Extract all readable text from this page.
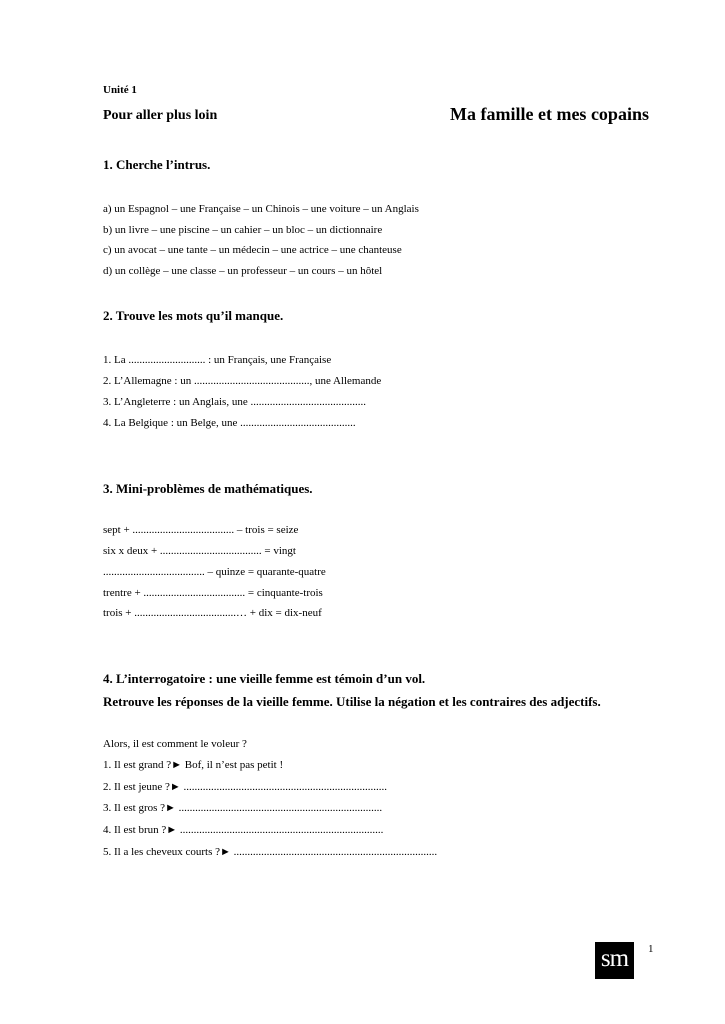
Unité 1
Pour aller plus loin	Ma famille et mes copains
1. Cherche l’intrus.
a) un Espagnol – une Française – un Chinois – une voiture – un Anglais
b) un livre – une piscine – un cahier – un bloc – un dictionnaire
c) un avocat – une tante – un médecin – une actrice – une chanteuse
d) un collège – une classe – un professeur – un cours – un hôtel
2. Trouve les mots qu’il manque.
1. La ............................ : un Français, une Française
2. L’Allemagne : un .........................................., une Allemande
3. L’Angleterre : un Anglais, une ..........................................
4. La Belgique : un Belge, une ..........................................
3. Mini-problèmes de mathématiques.
sept + ..................................... – trois = seize
six x deux + ..................................... = vingt
..................................... – quinze = quarante-quatre
trentre + ..................................... = cinquante-trois
trois + .....................................… + dix = dix-neuf
4. L’interrogatoire : une vieille femme est témoin d’un vol.
Retrouve les réponses de la vieille femme. Utilise la négation et les contraires des adjectifs.
Alors, il est comment le voleur ?
1. Il est grand ?► Bof, il n’est pas petit !
2. Il est jeune ?► ..........................................................................
3. Il est gros ?► ..........................................................................
4. Il est brun ?► ..........................................................................
5. Il a les cheveux courts ?► ..........................................................................
sm	1
